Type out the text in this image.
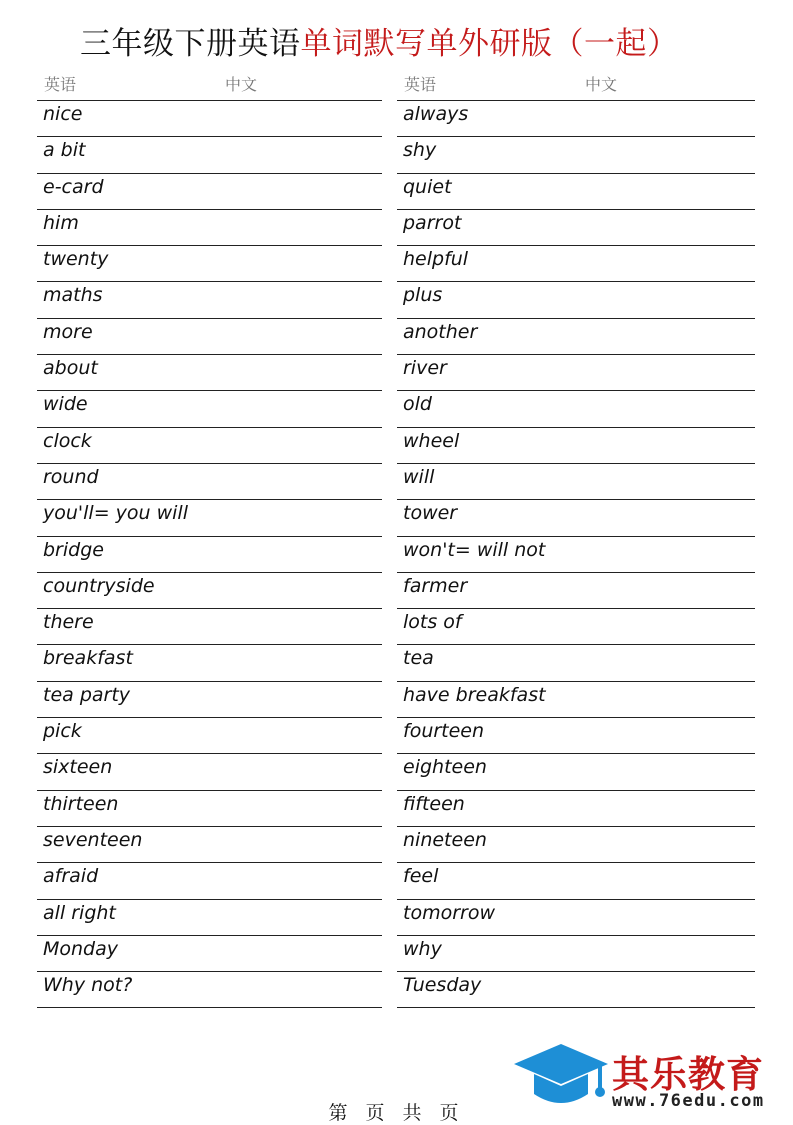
三年级下册英语单词默写单外研版（一起）
英语	中文
nice
a bit
e-card
him
twenty
maths
more
about
wide
clock
round
you'll= you will
bridge
countryside
there
breakfast
tea party
pick
sixteen
thirteen
seventeen
afraid
all right
Monday
Why not?
英语	中文
always
shy
quiet
parrot
helpful
plus
another
river
old
wheel
will
tower
won't= will not
farmer
lots of
tea
have breakfast
fourteen
eighteen
fifteen
nineteen
feel
tomorrow
why
Tuesday
第 页 共 页
其乐教育
www.76edu.com
